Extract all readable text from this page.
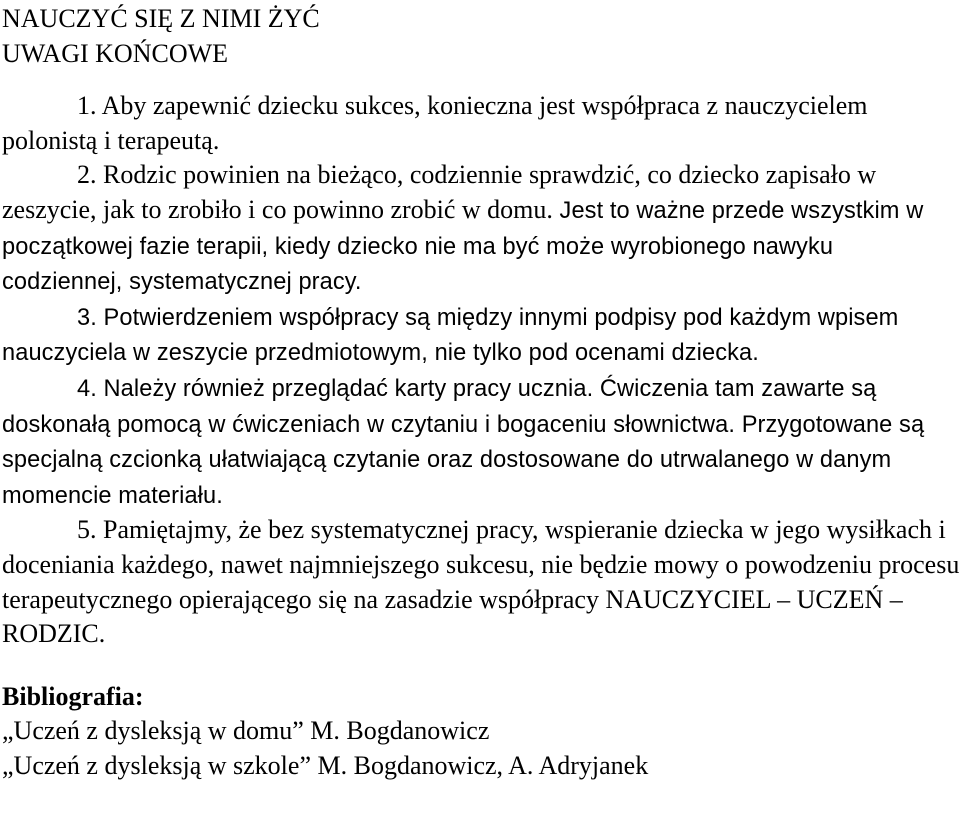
NAUCZYĆ SIĘ Z NIMI ŻYĆ
UWAGI KOŃCOWE
1. Aby zapewnić dziecku sukces, konieczna jest współpraca z nauczycielem polonistą i terapeutą.
2. Rodzic powinien na bieżąco, codziennie sprawdzić, co dziecko zapisało w zeszycie, jak to zrobiło i co powinno zrobić w domu. Jest to ważne przede wszystkim w początkowej fazie terapii, kiedy dziecko nie ma być może wyrobionego nawyku codziennej, systematycznej pracy.
3. Potwierdzeniem współpracy są między innymi podpisy pod każdym wpisem nauczyciela w zeszycie przedmiotowym, nie tylko pod ocenami dziecka.
4. Należy również przeglądać karty pracy ucznia. Ćwiczenia tam zawarte są doskonałą pomocą w ćwiczeniach w czytaniu i bogaceniu słownictwa. Przygotowane są specjalną czcionką ułatwiającą czytanie oraz dostosowane do utrwalanego w danym momencie materiału.
5. Pamiętajmy, że bez systematycznej pracy, wspieranie dziecka w jego wysiłkach i doceniania każdego, nawet najmniejszego sukcesu, nie będzie mowy o powodzeniu procesu terapeutycznego opierającego się na zasadzie współpracy NAUCZYCIEL – UCZEŃ – RODZIC.
Bibliografia:
„Uczeń z dysleksją w domu” M. Bogdanowicz
„Uczeń z dysleksją w szkole” M. Bogdanowicz, A. Adryjanek
